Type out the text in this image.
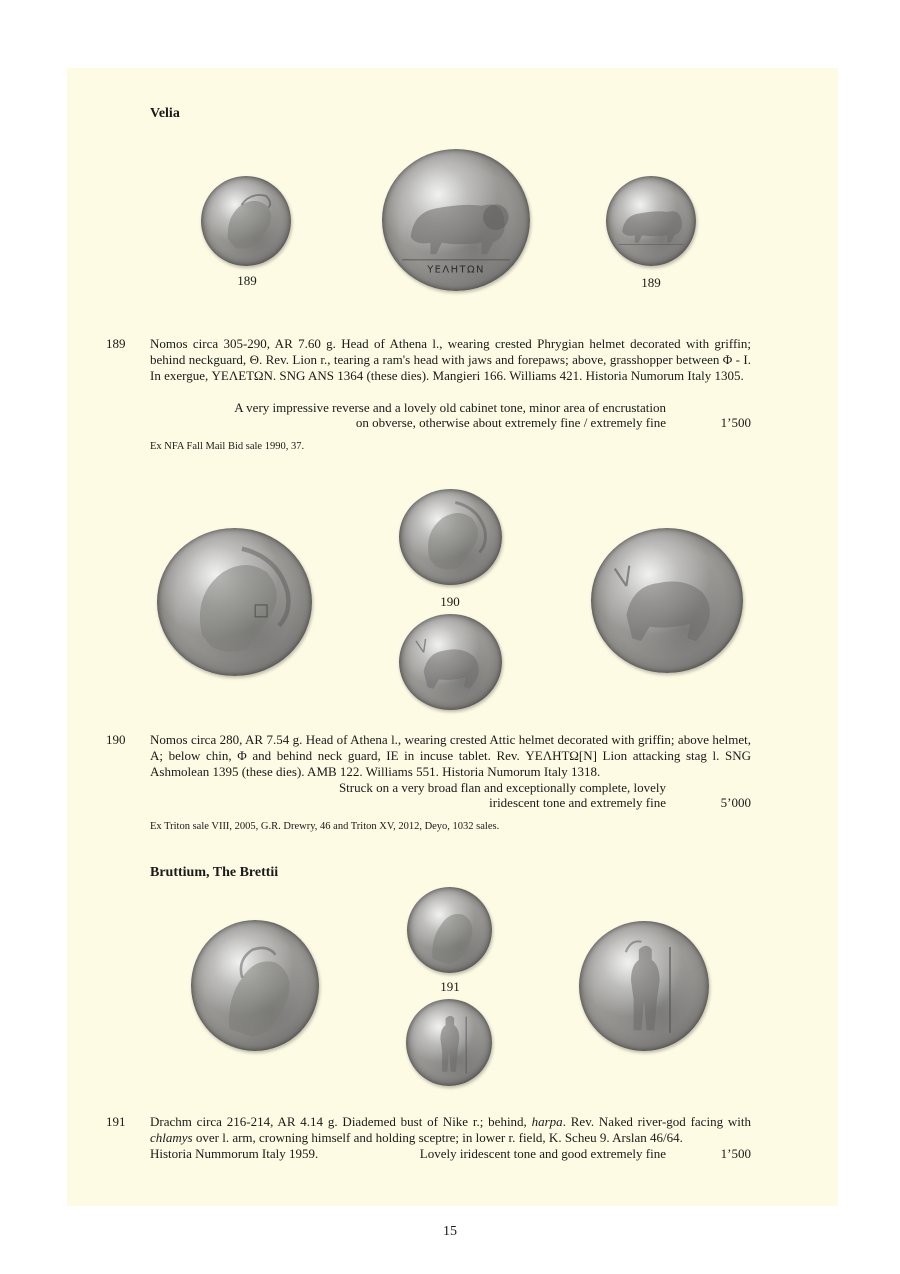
Velia
ΥΕΛΗΤΩΝ
189	189
189 Nomos circa 305-290, AR 7.60 g. Head of Athena l., wearing crested Phrygian helmet decorated with griffin; behind neckguard, Θ. Rev. Lion r., tearing a ram's head with jaws and forepaws; above, grasshopper between Φ - I. In exergue, ΥΕΛΕΤΩΝ. SNG ANS 1364 (these dies). Mangieri 166. Williams 421. Historia Numorum Italy 1305.

A very impressive reverse and a lovely old cabinet tone, minor area of encrustation
on obverse, otherwise about extremely fine / extremely fine	1’500
Ex NFA Fall Mail Bid sale 1990, 37.
190
190 Nomos circa 280, AR 7.54 g. Head of Athena l., wearing crested Attic helmet decorated with griffin; above helmet, A; below chin, Φ and behind neck guard, IE in incuse tablet. Rev. ΥΕΛΗΤΩ[Ν] Lion attacking stag l. SNG Ashmolean 1395 (these dies). AMB 122. Williams 551. Historia Numorum Italy 1318.

Struck on a very broad flan and exceptionally complete, lovely
iridescent tone and extremely fine	5’000
Ex Triton sale VIII, 2005, G.R. Drewry, 46 and Triton XV, 2012, Deyo, 1032 sales.
Bruttium, The Brettii
191
191 Drachm circa 216-214, AR 4.14 g. Diademed bust of Nike r.; behind, harpa. Rev. Naked river-god facing with chlamys over l. arm, crowning himself and holding sceptre; in lower r. field, K. Scheu 9. Arslan 46/64.

Historia Nummorum Italy 1959.	Lovely iridescent tone and good extremely fine	1’500
15
